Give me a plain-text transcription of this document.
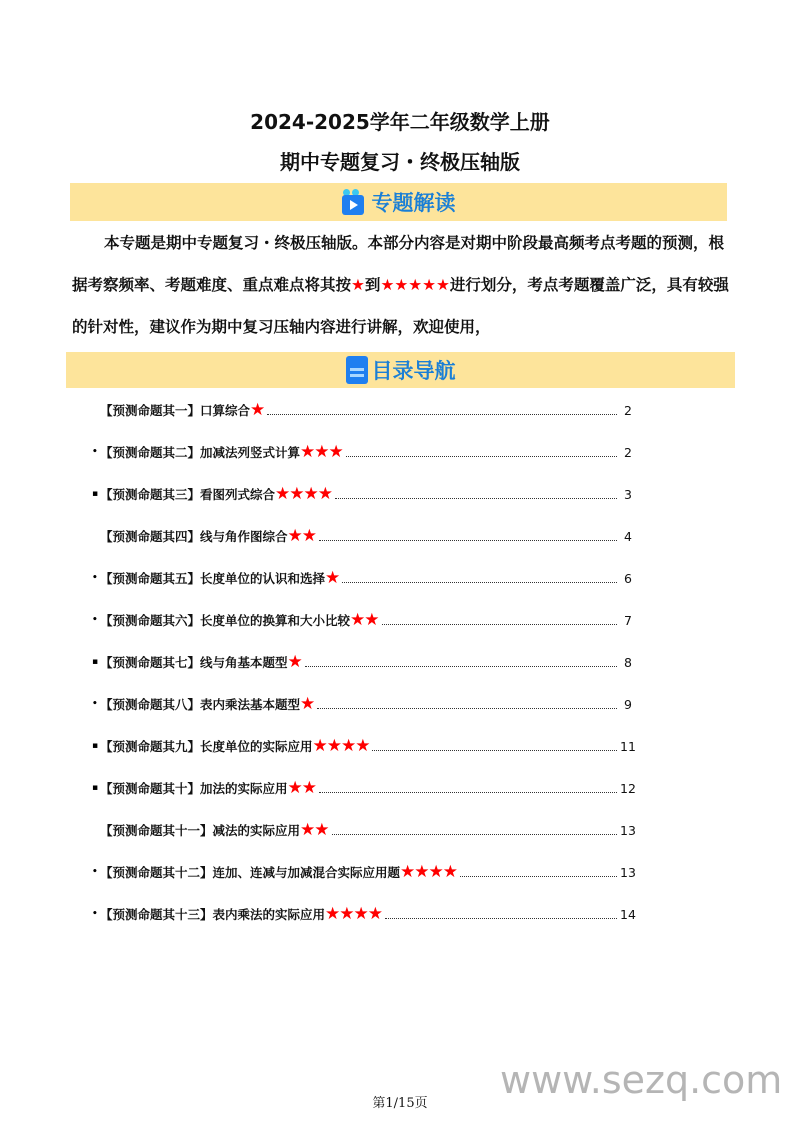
2024-2025学年二年级数学上册
期中专题复习・终极压轴版
专题解读
本专题是期中专题复习・终极压轴版。本部分内容是对期中阶段最高频考点考题的预测，根据考察频率、考题难度、重点难点将其按★到★★★★★进行划分，考点考题覆盖广泛，具有较强的针对性，建议作为期中复习压轴内容进行讲解，欢迎使用，
目录导航
【预测命题其一】口算综合 ★	2
• 【预测命题其二】加减法列竖式计算 ★★★	2
▪ 【预测命题其三】看图列式综合 ★★★★	3
【预测命题其四】线与角作图综合 ★★	4
• 【预测命题其五】长度单位的认识和选择 ★	6
• 【预测命题其六】长度单位的换算和大小比较 ★★	7
▪ 【预测命题其七】线与角基本题型 ★	8
• 【预测命题其八】表内乘法基本题型 ★	9
▪ 【预测命题其九】长度单位的实际应用 ★★★★	11
▪ 【预测命题其十】加法的实际应用 ★★	12
【预测命题其十一】减法的实际应用 ★★	13
• 【预测命题其十二】连加、连减与加减混合实际应用题 ★★★★	13
• 【预测命题其十三】表内乘法的实际应用 ★★★★	14
www.sezq.com
第1/15页
